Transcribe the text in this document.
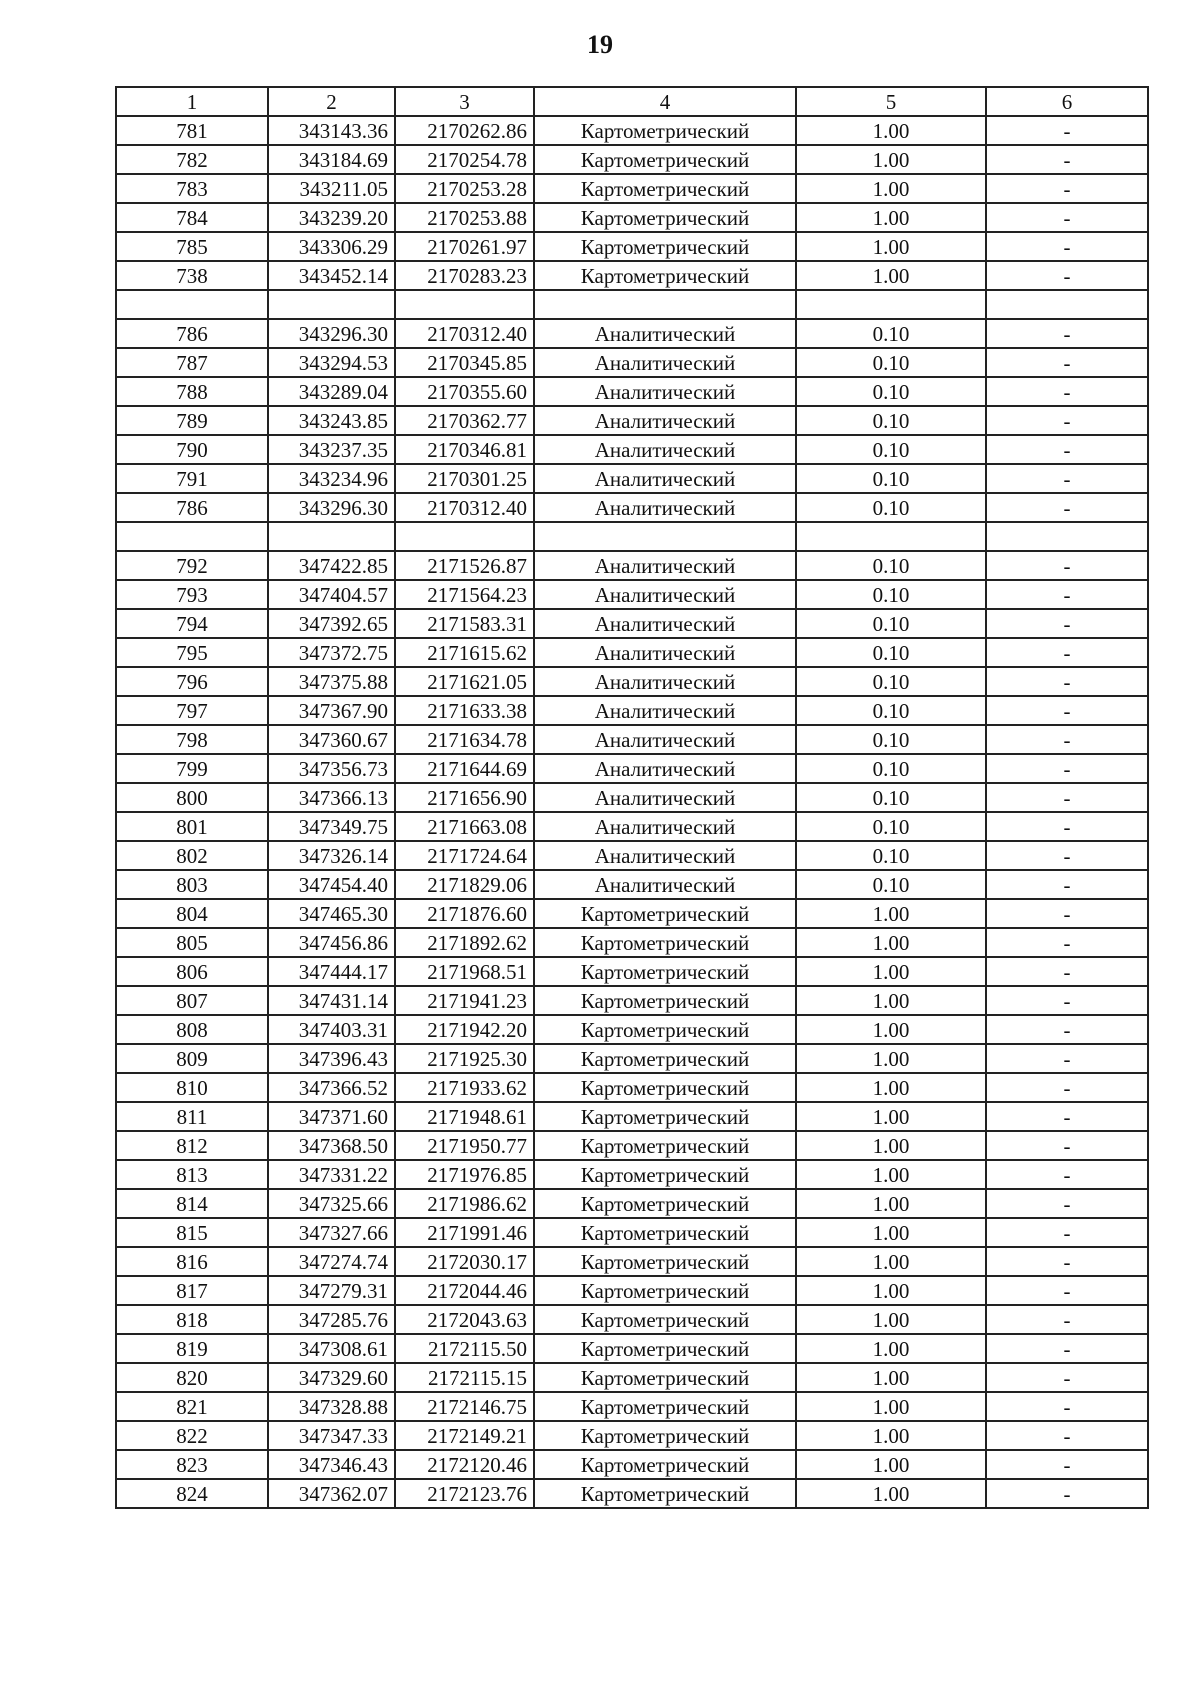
19
1	2	3	4	5	6
781	343143.36	2170262.86	Картометрический	1.00	-
782	343184.69	2170254.78	Картометрический	1.00	-
783	343211.05	2170253.28	Картометрический	1.00	-
784	343239.20	2170253.88	Картометрический	1.00	-
785	343306.29	2170261.97	Картометрический	1.00	-
738	343452.14	2170283.23	Картометрический	1.00	-

786	343296.30	2170312.40	Аналитический	0.10	-
787	343294.53	2170345.85	Аналитический	0.10	-
788	343289.04	2170355.60	Аналитический	0.10	-
789	343243.85	2170362.77	Аналитический	0.10	-
790	343237.35	2170346.81	Аналитический	0.10	-
791	343234.96	2170301.25	Аналитический	0.10	-
786	343296.30	2170312.40	Аналитический	0.10	-

792	347422.85	2171526.87	Аналитический	0.10	-
793	347404.57	2171564.23	Аналитический	0.10	-
794	347392.65	2171583.31	Аналитический	0.10	-
795	347372.75	2171615.62	Аналитический	0.10	-
796	347375.88	2171621.05	Аналитический	0.10	-
797	347367.90	2171633.38	Аналитический	0.10	-
798	347360.67	2171634.78	Аналитический	0.10	-
799	347356.73	2171644.69	Аналитический	0.10	-
800	347366.13	2171656.90	Аналитический	0.10	-
801	347349.75	2171663.08	Аналитический	0.10	-
802	347326.14	2171724.64	Аналитический	0.10	-
803	347454.40	2171829.06	Аналитический	0.10	-
804	347465.30	2171876.60	Картометрический	1.00	-
805	347456.86	2171892.62	Картометрический	1.00	-
806	347444.17	2171968.51	Картометрический	1.00	-
807	347431.14	2171941.23	Картометрический	1.00	-
808	347403.31	2171942.20	Картометрический	1.00	-
809	347396.43	2171925.30	Картометрический	1.00	-
810	347366.52	2171933.62	Картометрический	1.00	-
811	347371.60	2171948.61	Картометрический	1.00	-
812	347368.50	2171950.77	Картометрический	1.00	-
813	347331.22	2171976.85	Картометрический	1.00	-
814	347325.66	2171986.62	Картометрический	1.00	-
815	347327.66	2171991.46	Картометрический	1.00	-
816	347274.74	2172030.17	Картометрический	1.00	-
817	347279.31	2172044.46	Картометрический	1.00	-
818	347285.76	2172043.63	Картометрический	1.00	-
819	347308.61	2172115.50	Картометрический	1.00	-
820	347329.60	2172115.15	Картометрический	1.00	-
821	347328.88	2172146.75	Картометрический	1.00	-
822	347347.33	2172149.21	Картометрический	1.00	-
823	347346.43	2172120.46	Картометрический	1.00	-
824	347362.07	2172123.76	Картометрический	1.00	-
